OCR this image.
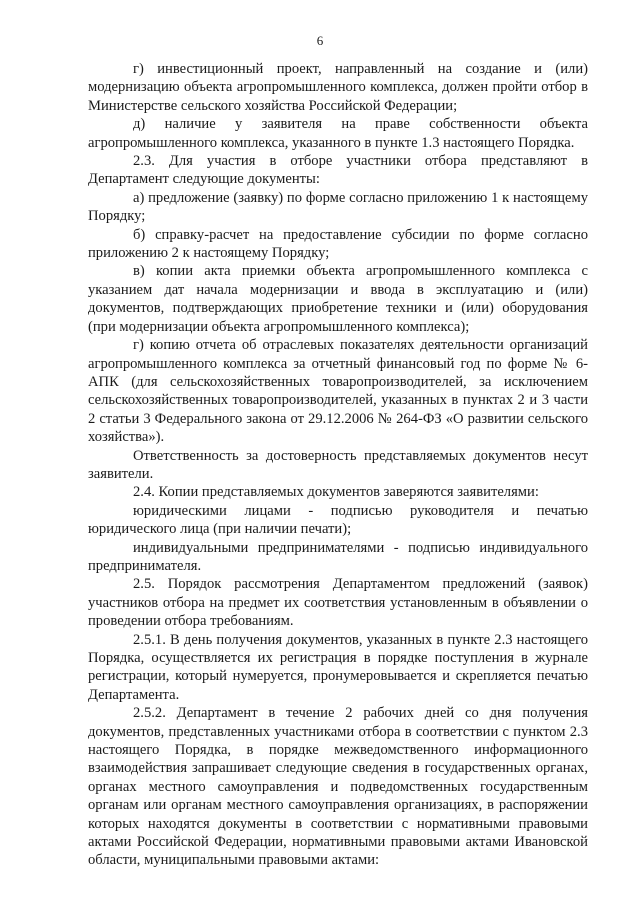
6

г) инвестиционный проект, направленный на создание и (или) модернизацию объекта агропромышленного комплекса, должен пройти отбор в Министерстве сельского хозяйства Российской Федерации;

д) наличие у заявителя на праве собственности объекта агропромышленного комплекса, указанного в пункте 1.3 настоящего Порядка.

2.3. Для участия в отборе участники отбора представляют в Департамент следующие документы:

а) предложение (заявку) по форме согласно приложению 1 к настоящему Порядку;

б) справку-расчет на предоставление субсидии по форме согласно приложению 2 к настоящему Порядку;

в) копии акта приемки объекта агропромышленного комплекса с указанием дат начала модернизации и ввода в эксплуатацию и (или) документов, подтверждающих приобретение техники и (или) оборудования (при модернизации объекта агропромышленного комплекса);

г) копию отчета об отраслевых показателях деятельности организаций агропромышленного комплекса за отчетный финансовый год по форме № 6-АПК (для сельскохозяйственных товаропроизводителей, за исключением сельскохозяйственных товаропроизводителей, указанных в пунктах 2 и 3 части 2 статьи 3 Федерального закона от 29.12.2006 № 264-ФЗ «О развитии сельского хозяйства»).

Ответственность за достоверность представляемых документов несут заявители.

2.4. Копии представляемых документов заверяются заявителями:

юридическими лицами - подписью руководителя и печатью юридического лица (при наличии печати);

индивидуальными предпринимателями - подписью индивидуального предпринимателя.

2.5. Порядок рассмотрения Департаментом предложений (заявок) участников отбора на предмет их соответствия установленным в объявлении о проведении отбора требованиям.

2.5.1. В день получения документов, указанных в пункте 2.3 настоящего Порядка, осуществляется их регистрация в порядке поступления в журнале регистрации, который нумеруется, пронумеровывается и скрепляется печатью Департамента.

2.5.2. Департамент в течение 2 рабочих дней со дня получения документов, представленных участниками отбора в соответствии с пунктом 2.3 настоящего Порядка, в порядке межведомственного информационного взаимодействия запрашивает следующие сведения в государственных органах, органах местного самоуправления и подведомственных государственным органам или органам местного самоуправления организациях, в распоряжении которых находятся документы в соответствии с нормативными правовыми актами Российской Федерации, нормативными правовыми актами Ивановской области, муниципальными правовыми актами:
